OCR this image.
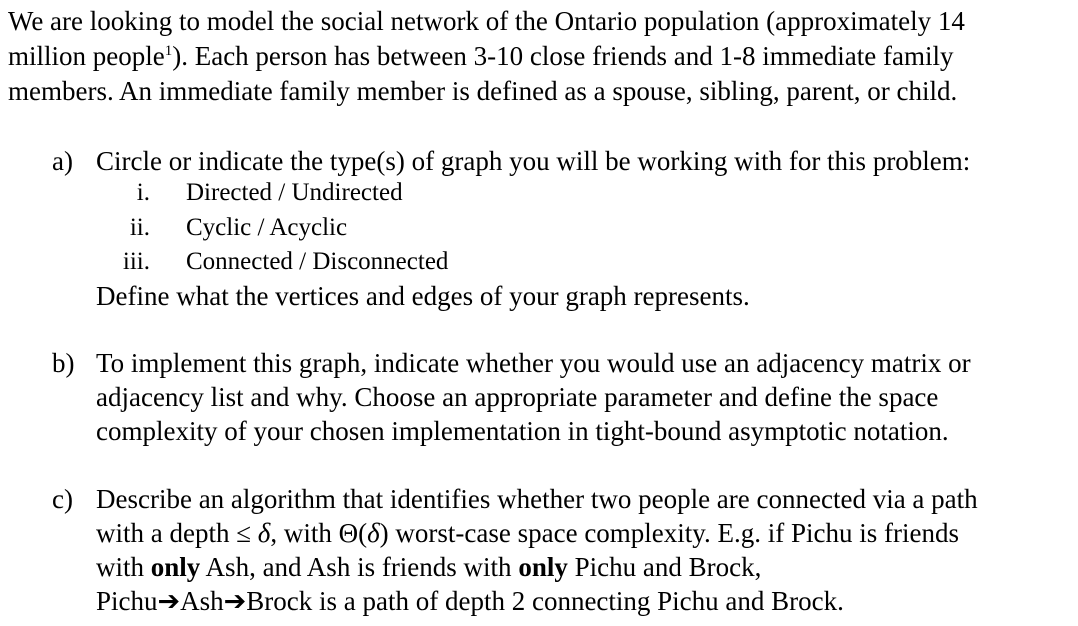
We are looking to model the social network of the Ontario population (approximately 14
million people$^1$). Each person has between 3-10 close friends and 1-8 immediate family
members. An immediate family member is defined as a spouse, sibling, parent, or child.
a) Circle or indicate the type(s) of graph you will be working with for this problem:
i. Directed / Undirected
ii. Cyclic / Acyclic
iii. Connected / Disconnected
Define what the vertices and edges of your graph represents.
b) To implement this graph, indicate whether you would use an adjacency matrix or
adjacency list and why. Choose an appropriate parameter and define the space
complexity of your chosen implementation in tight-bound asymptotic notation.
c) Describe an algorithm that identifies whether two people are connected via a path
with a depth ≤ δ, with Θ(δ) worst-case space complexity. E.g. if Pichu is friends
with only Ash, and Ash is friends with only Pichu and Brock,
Pichu➔Ash➔Brock is a path of depth 2 connecting Pichu and Brock.
